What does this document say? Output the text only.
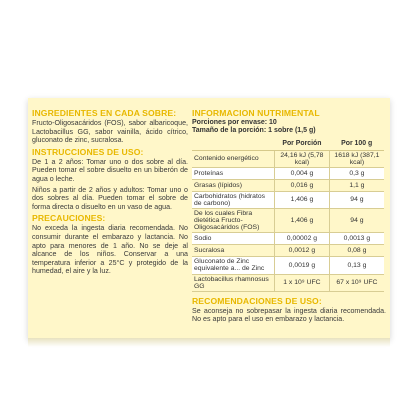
INGREDIENTES EN CADA SOBRE:
Fructo-Oligosacáridos (FOS), sabor albaricoque, Lactobacillus GG, sabor vainilla, ácido cítrico, gluconato de zinc, sucralosa.
INSTRUCCIONES DE USO:
De 1 a 2 años: Tomar uno o dos sobre al día. Pueden tomar el sobre disuelto en un biberón de agua o leche.
Niños a partir de 2 años y adultos: Tomar uno o dos sobres al día. Pueden tomar el sobre de forma directa o disuelto en un vaso de agua.
PRECAUCIONES:
No exceda la ingesta diaria recomendada. No consumir durante el embarazo y lactancia. No apto para menores de 1 año. No se deje al alcance de los niños. Conservar a una temperatura inferior a 25°C y protegido de la humedad, el aire y la luz.
INFORMACION NUTRIMENTAL
Porciones por envase: 10
Tamaño de la porción: 1 sobre (1,5 g)
	Por Porción	Por 100 g
Contenido energético	24,16 kJ (5,78 kcal)	1618 kJ (387,1 kcal)
Proteínas	0,004 g	0,3 g
Grasas (lípidos)	0,016 g	1,1 g
Carbohidratos (hidratos de carbono)	1,406 g	94 g
De los cuales Fibra dietética Fructo-Oligosacáridos (FOS)	1,406 g	94 g
Sodio	0,00002 g	0,0013 g
Sucralosa	0,0012 g	0,08 g
Gluconato de Zinc equivalente a... de Zinc	0,0019 g	0,13 g
Lactobacillus rhamnosus GG	1 x 10⁹ UFC	67 x 10⁹ UFC
RECOMENDACIONES DE USO:
Se aconseja no sobrepasar la ingesta diaria recomendada. No es apto para el uso en embarazo y lactancia.
